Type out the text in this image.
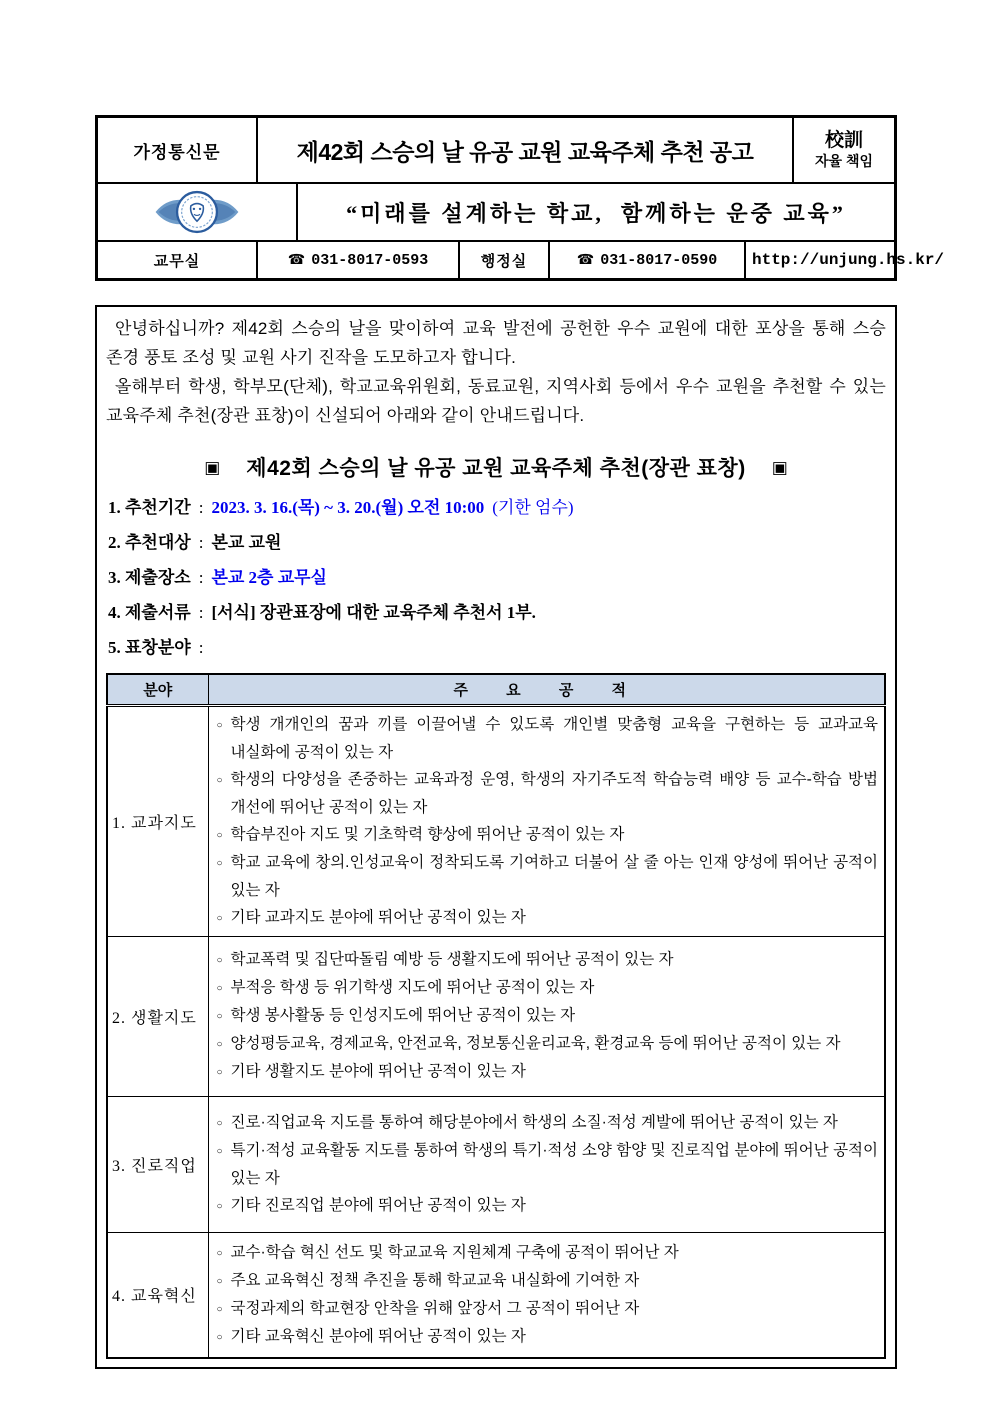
가정통신문	제42회 스승의 날 유공 교원 교육주체 추천 공고	校訓
자율 책임
“미래를 설계하는 학교,  함께하는 운중 교육”
교무실	☎ 031-8017-0593	행정실	☎ 031-8017-0590	http://unjung.hs.kr/

안녕하십니까? 제42회 스승의 날을 맞이하여 교육 발전에 공헌한 우수 교원에 대한 포상을 통해 스승 존경 풍토 조성 및 교원 사기 진작을 도모하고자 합니다.

올해부터 학생, 학부모(단체), 학교교육위원회, 동료교원, 지역사회 등에서 우수 교원을 추천할 수 있는 교육주체 추천(장관 표창)이 신설되어 아래와 같이 안내드립니다.

▣ 제42회 스승의 날 유공 교원 교육주체 추천(장관 표창) ▣
1. 추천기간 : 2023. 3. 16.(목) ~ 3. 20.(월) 오전 10:00 (기한 엄수)
2. 추천대상 : 본교 교원
3. 제출장소 : 본교 2층 교무실
4. 제출서류 : [서식] 장관표장에 대한 교육주체 추천서 1부.
5. 표창분야 :
분야	주 요 공 적
1. 교과지도	○ 학생 개개인의 꿈과 끼를 이끌어낼 수 있도록 개인별 맞춤형 교육을 구현하는 등 교과교육 내실화에 공적이 있는 자
○ 학생의 다양성을 존중하는 교육과정 운영, 학생의 자기주도적 학습능력 배양 등 교수-학습 방법 개선에 뛰어난 공적이 있는 자
○ 학습부진아 지도 및 기초학력 향상에 뛰어난 공적이 있는 자
○ 학교 교육에 창의.인성교육이 정착되도록 기여하고 더불어 살 줄 아는 인재 양성에 뛰어난 공적이 있는 자
○ 기타 교과지도 분야에 뛰어난 공적이 있는 자

2. 생활지도	○ 학교폭력 및 집단따돌림 예방 등 생활지도에 뛰어난 공적이 있는 자
○ 부적응 학생 등 위기학생 지도에 뛰어난 공적이 있는 자
○ 학생 봉사활동 등 인성지도에 뛰어난 공적이 있는 자
○ 양성평등교육, 경제교육, 안전교육, 정보통신윤리교육, 환경교육 등에 뛰어난 공적이 있는 자
○ 기타 생활지도 분야에 뛰어난 공적이 있는 자

3. 진로직업	○ 진로·직업교육 지도를 통하여 해당분야에서 학생의 소질·적성 계발에 뛰어난 공적이 있는 자
○ 특기·적성 교육활동 지도를 통하여 학생의 특기·적성 소양 함양 및 진로직업 분야에 뛰어난 공적이 있는 자
○ 기타 진로직업 분야에 뛰어난 공적이 있는 자

4. 교육혁신	○ 교수·학습 혁신 선도 및 학교교육 지원체계 구축에 공적이 뛰어난 자
○ 주요 교육혁신 정책 추진을 통해 학교교육 내실화에 기여한 자
○ 국정과제의 학교현장 안착을 위해 앞장서 그 공적이 뛰어난 자
○ 기타 교육혁신 분야에 뛰어난 공적이 있는 자
